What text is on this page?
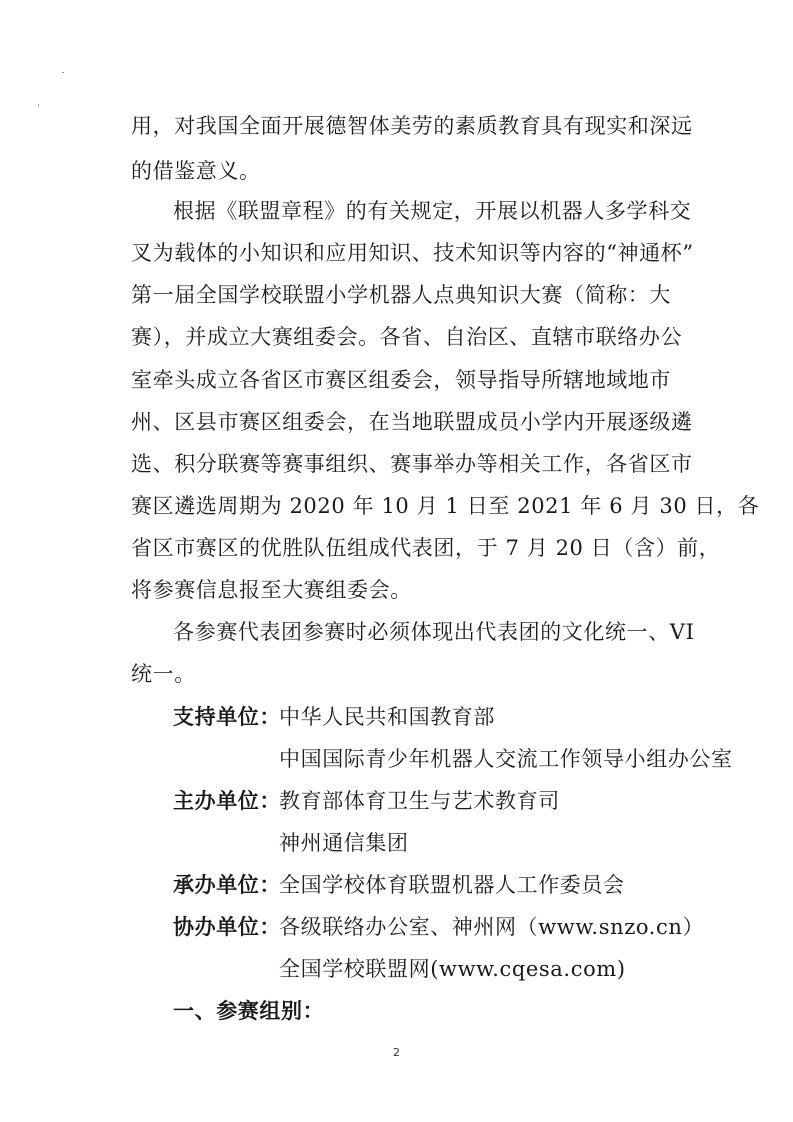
用，对我国全面开展德智体美劳的素质教育具有现实和深远
的借鉴意义。
根据《联盟章程》的有关规定，开展以机器人多学科交
叉为载体的小知识和应用知识、技术知识等内容的“神通杯”
第一届全国学校联盟小学机器人点典知识大赛（简称：大
赛），并成立大赛组委会。各省、自治区、直辖市联络办公
室牵头成立各省区市赛区组委会，领导指导所辖地域地市
州、区县市赛区组委会，在当地联盟成员小学内开展逐级遴
选、积分联赛等赛事组织、赛事举办等相关工作，各省区市
赛区遴选周期为 2020 年 10 月 1 日至 2021 年 6 月 30 日，各
省区市赛区的优胜队伍组成代表团，于 7 月 20 日（含）前，
将参赛信息报至大赛组委会。
各参赛代表团参赛时必须体现出代表团的文化统一、VI
统一。
支持单位：
中华人民共和国教育部
中国国际青少年机器人交流工作领导小组办公室
主办单位：
教育部体育卫生与艺术教育司
神州通信集团
承办单位：
全国学校体育联盟机器人工作委员会
协办单位：
各级联络办公室、神州网（www.snzo.cn）
全国学校联盟网(www.cqesa.com)
一、参赛组别：
2
